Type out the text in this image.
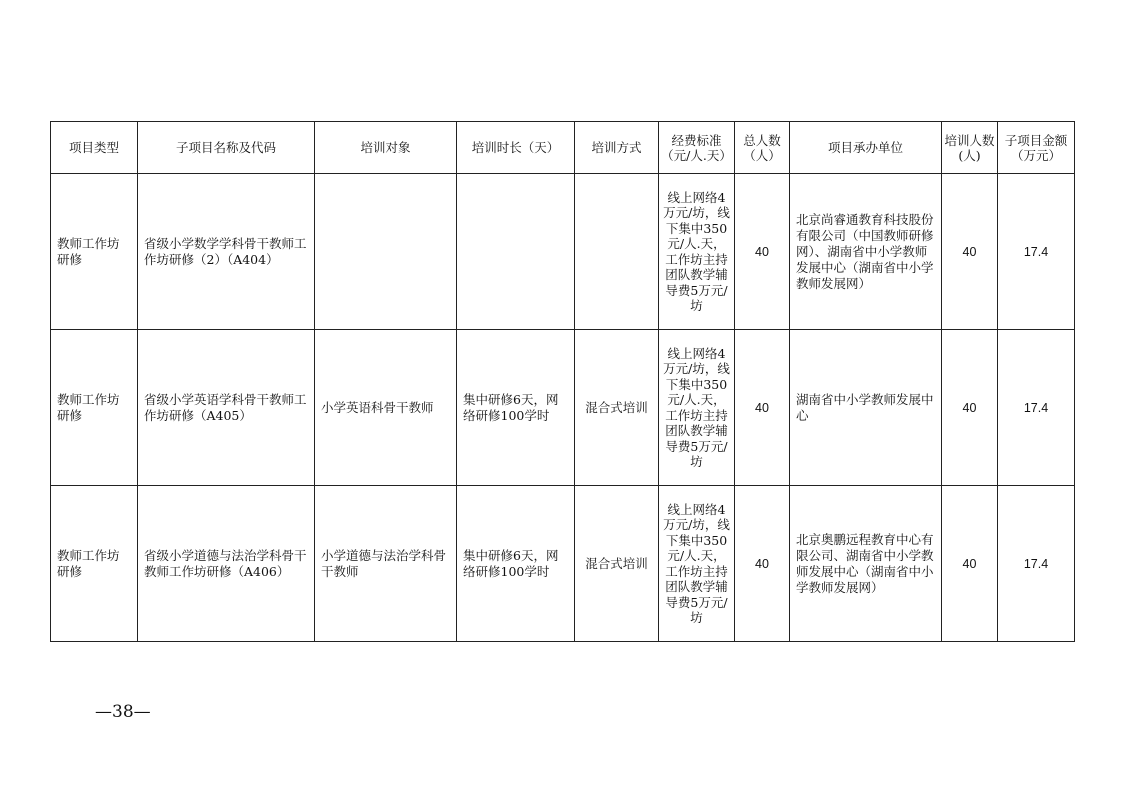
项目类型	子项目名称及代码	培训对象	培训时长（天）	培训方式	经费标准（元/人.天）	总人数（人）	项目承办单位	培训人数(人)	子项目金额（万元）
教师工作坊研修	省级小学数学学科骨干教师工作坊研修（2）（A404）				线上网络4万元/坊，线下集中350元/人.天，工作坊主持团队教学辅导费5万元/坊	40	北京尚睿通教育科技股份有限公司（中国教师研修网）、湖南省中小学教师发展中心（湖南省中小学教师发展网）	40	17.4
教师工作坊研修	省级小学英语学科骨干教师工作坊研修（A405）	小学英语科骨干教师	集中研修6天，网络研修100学时	混合式培训	线上网络4万元/坊，线下集中350元/人.天，工作坊主持团队教学辅导费5万元/坊	40	湖南省中小学教师发展中心	40	17.4
教师工作坊研修	省级小学道德与法治学科骨干教师工作坊研修（A406）	小学道德与法治学科骨干教师	集中研修6天，网络研修100学时	混合式培训	线上网络4万元/坊，线下集中350元/人.天，工作坊主持团队教学辅导费5万元/坊	40	北京奥鹏远程教育中心有限公司、湖南省中小学教师发展中心（湖南省中小学教师发展网）	40	17.4
—38—
